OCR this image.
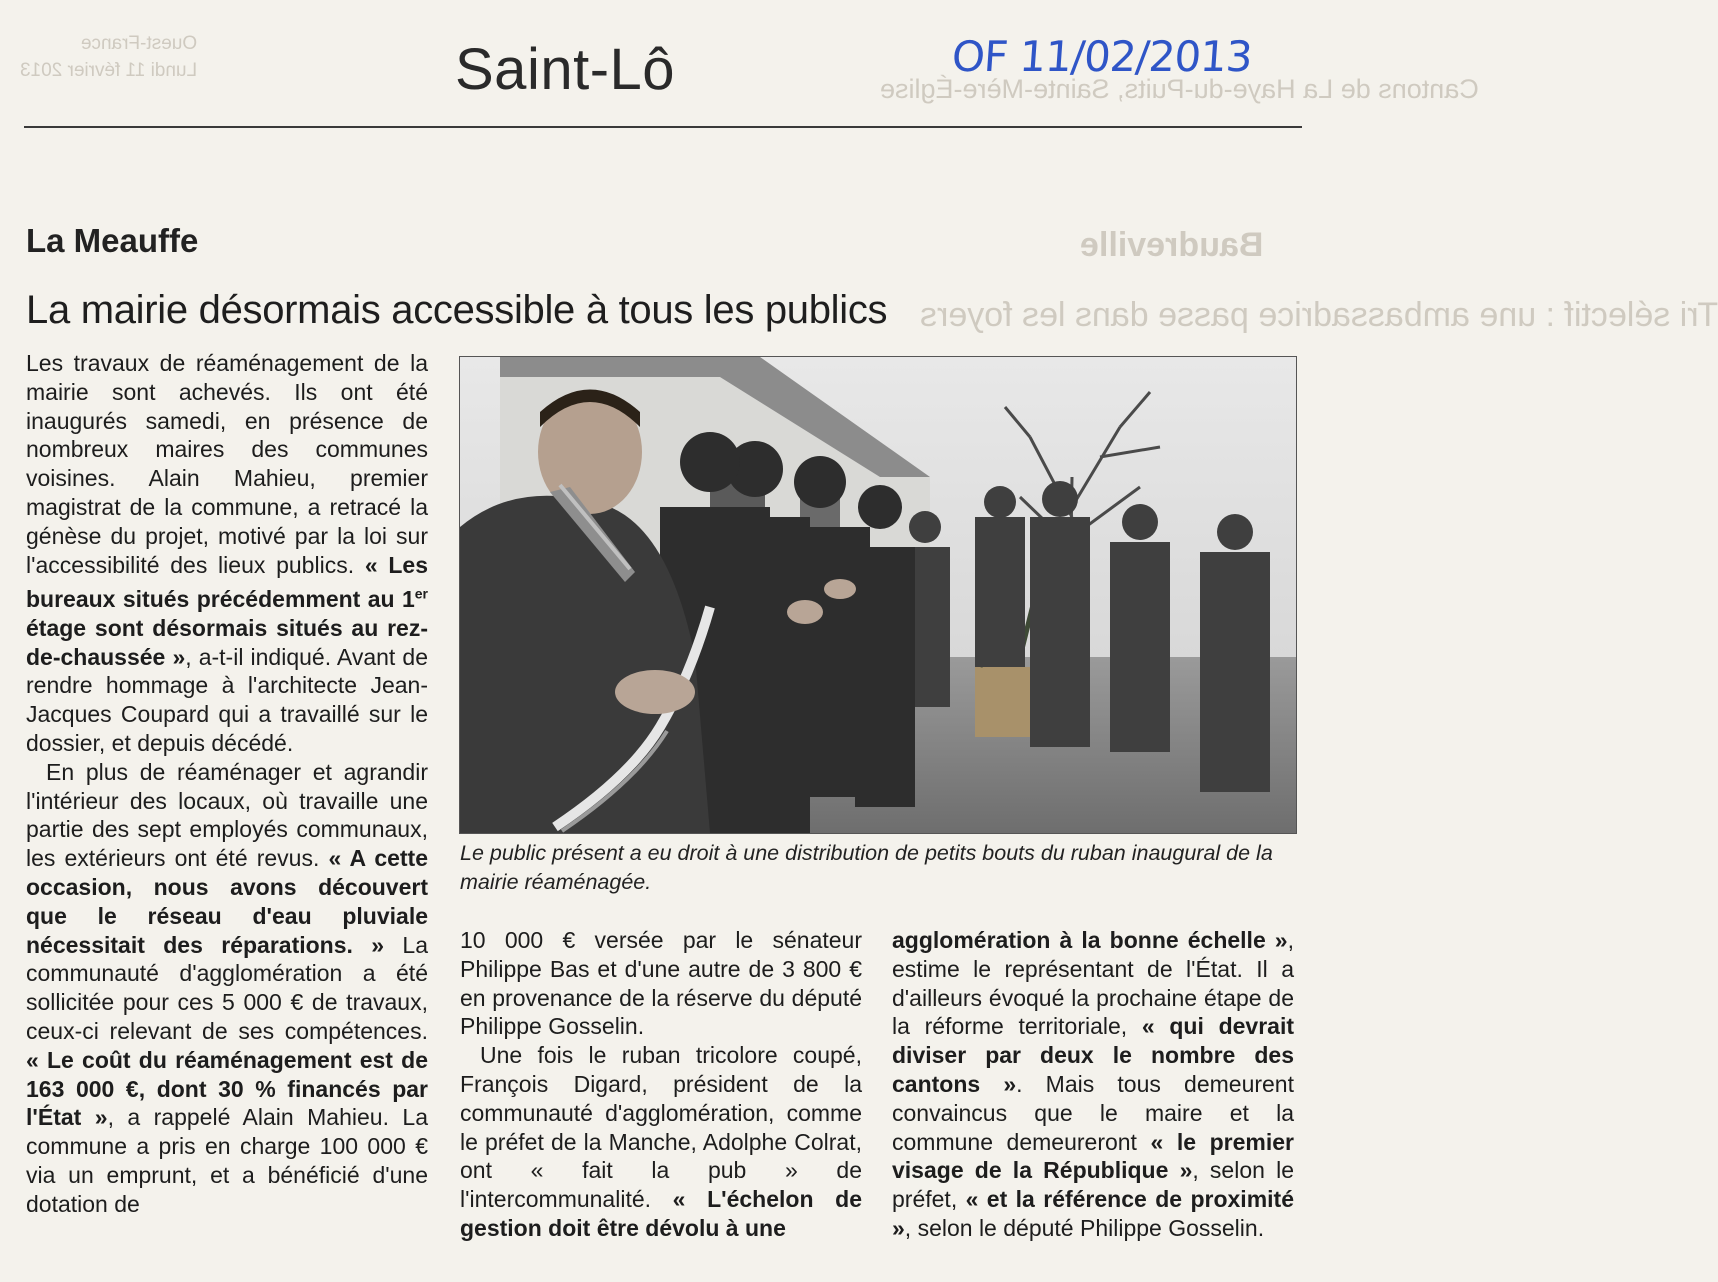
Ouest-France
Lundi 11 février 2013
Cantons de La Haye-du-Puits, Sainte-Mère-Église
Baudreville
Tri sélectif : une ambassadrice passe dans les foyers
Saint-Lô	OF 11/02/2013
La Meauffe
La mairie désormais accessible à tous les publics

Les travaux de réaménagement de la mairie sont achevés. Ils ont été inaugurés samedi, en présence de nombreux maires des communes voisines. Alain Mahieu, premier magistrat de la commune, a retracé la génèse du projet, motivé par la loi sur l'accessibilité des lieux publics. « Les bureaux situés précédemment au 1er étage sont désormais situés au rez-de-chaussée », a-t-il indiqué. Avant de rendre hommage à l'architecte Jean-Jacques Coupard qui a travaillé sur le dossier, et depuis décédé.

En plus de réaménager et agrandir l'intérieur des locaux, où travaille une partie des sept employés communaux, les extérieurs ont été revus. « A cette occasion, nous avons découvert que le réseau d'eau pluviale nécessitait des réparations. » La communauté d'agglomération a été sollicitée pour ces 5 000 € de travaux, ceux-ci relevant de ses compétences. « Le coût du réaménagement est de 163 000 €, dont 30 % financés par l'État », a rappelé Alain Mahieu. La commune a pris en charge 100 000 € via un emprunt, et a bénéficié d'une dotation de

Le public présent a eu droit à une distribution de petits bouts du ruban inaugural de la mairie réaménagée.

10 000 € versée par le sénateur Philippe Bas et d'une autre de 3 800 € en provenance de la réserve du député Philippe Gosselin.

Une fois le ruban tricolore coupé, François Digard, président de la communauté d'agglomération, comme le préfet de la Manche, Adolphe Colrat, ont « fait la pub » de l'intercommunalité. « L'échelon de gestion doit être dévolu à une

agglomération à la bonne échelle », estime le représentant de l'État. Il a d'ailleurs évoqué la prochaine étape de la réforme territoriale, « qui devrait diviser par deux le nombre des cantons ». Mais tous demeurent convaincus que le maire et la commune demeureront « le premier visage de la République », selon le préfet, « et la référence de proximité », selon le député Philippe Gosselin.
